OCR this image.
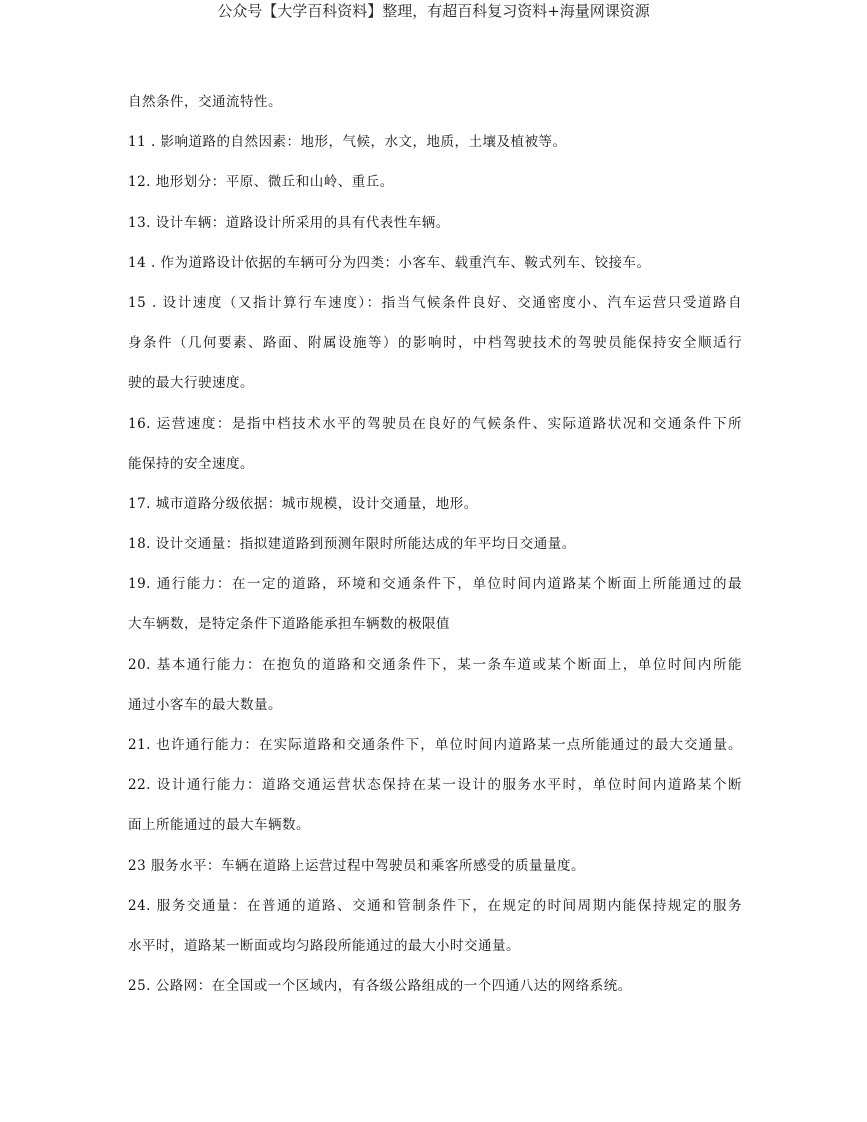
公众号【大学百科资料】整理，有超百科复习资料+海量网课资源
自然条件，交通流特性。
11 . 影响道路的自然因素：地形，气候，水文，地质，土壤及植被等。
12. 地形划分：平原、微丘和山岭、重丘。
13. 设计车辆：道路设计所采用的具有代表性车辆。
14 . 作为道路设计依据的车辆可分为四类：小客车、载重汽车、鞍式列车、铰接车。
15 . 设计速度（又指计算行车速度）：指当气候条件良好、交通密度小、汽车运营只受道路自
身条件（几何要素、路面、附属设施等）的影响时，中档驾驶技术的驾驶员能保持安全顺适行
驶的最大行驶速度。
16. 运营速度：是指中档技术水平的驾驶员在良好的气候条件、实际道路状况和交通条件下所
能保持的安全速度。
17. 城市道路分级依据：城市规模，设计交通量，地形。
18. 设计交通量：指拟建道路到预测年限时所能达成的年平均日交通量。
19. 通行能力：在一定的道路，环境和交通条件下，单位时间内道路某个断面上所能通过的最
大车辆数，是特定条件下道路能承担车辆数的极限值
20. 基本通行能力：在抱负的道路和交通条件下，某一条车道或某个断面上，单位时间内所能
通过小客车的最大数量。
21. 也许通行能力：在实际道路和交通条件下，单位时间内道路某一点所能通过的最大交通量。
22. 设计通行能力：道路交通运营状态保持在某一设计的服务水平时，单位时间内道路某个断
面上所能通过的最大车辆数。
23 服务水平：车辆在道路上运营过程中驾驶员和乘客所感受的质量量度。
24. 服务交通量：在普通的道路、交通和管制条件下，在规定的时间周期内能保持规定的服务
水平时，道路某一断面或均匀路段所能通过的最大小时交通量。
25. 公路网：在全国或一个区域内，有各级公路组成的一个四通八达的网络系统。
